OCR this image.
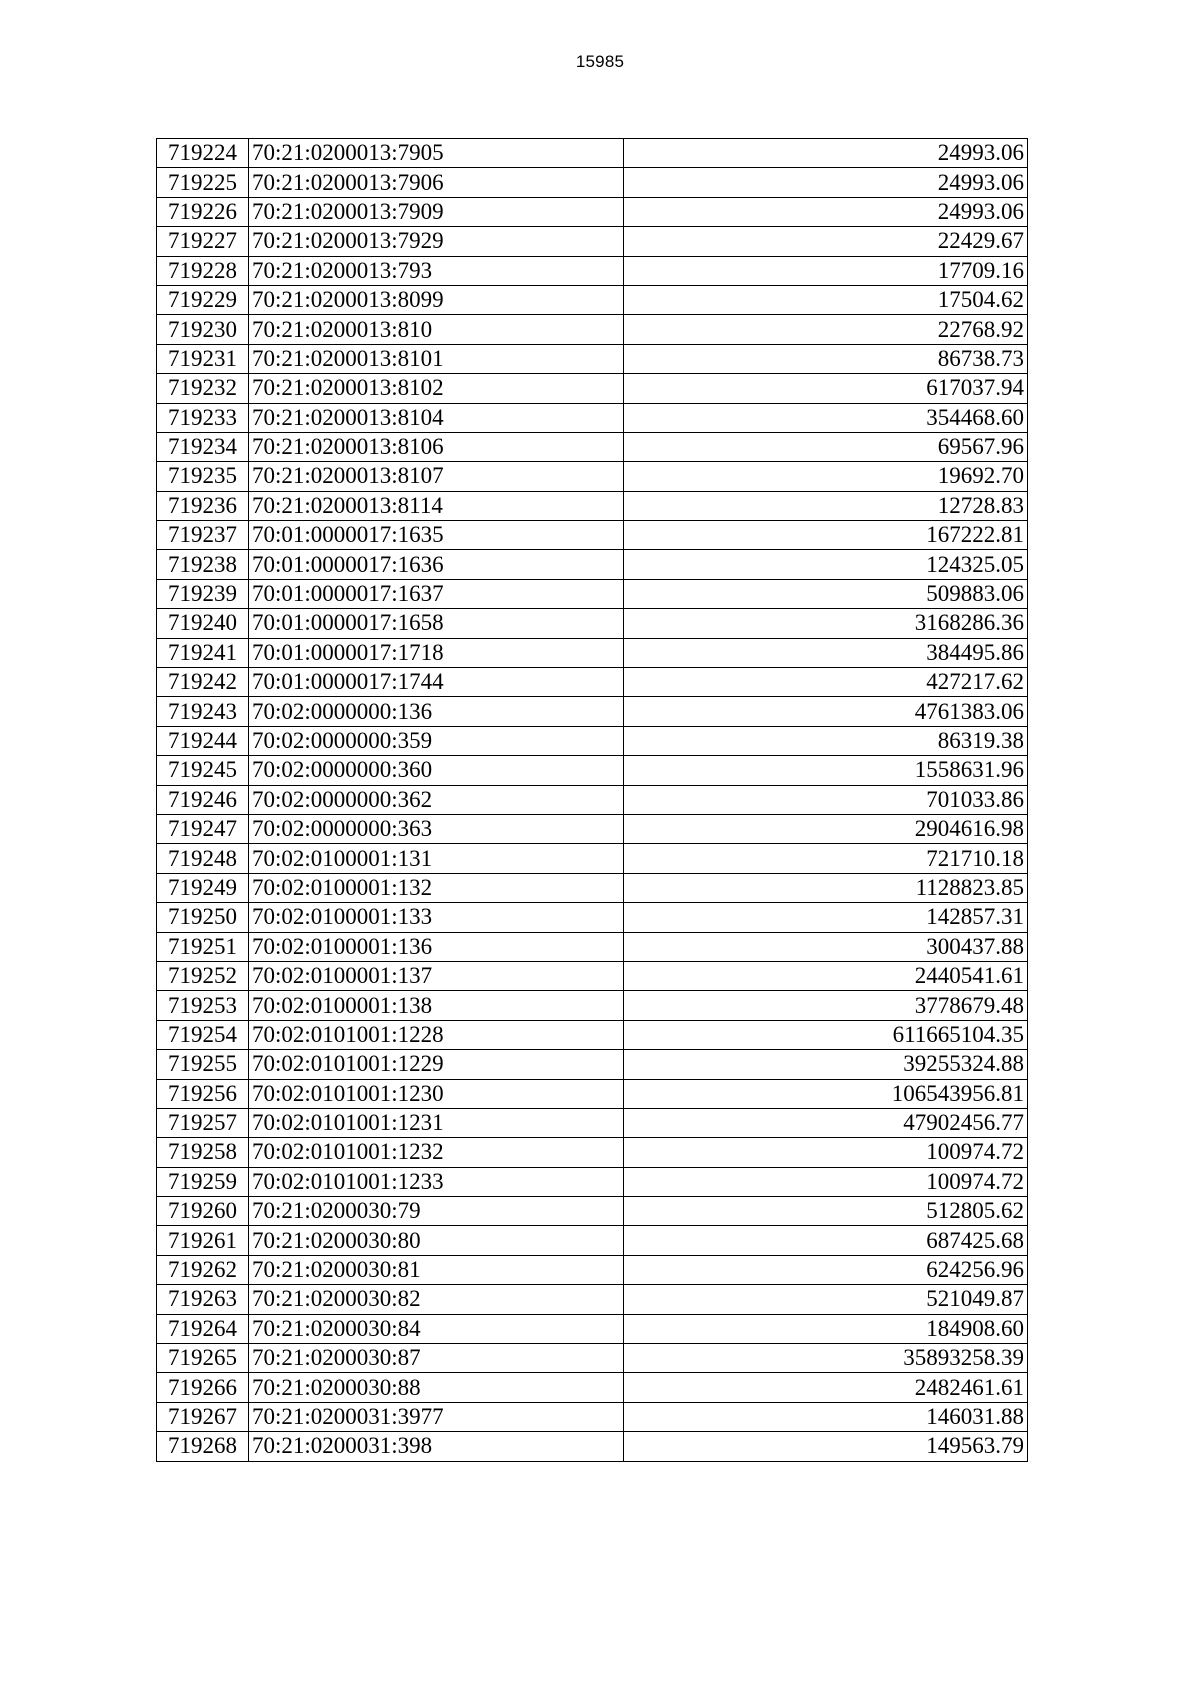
15985
719224	70:21:0200013:7905	24993.06
719225	70:21:0200013:7906	24993.06
719226	70:21:0200013:7909	24993.06
719227	70:21:0200013:7929	22429.67
719228	70:21:0200013:793	17709.16
719229	70:21:0200013:8099	17504.62
719230	70:21:0200013:810	22768.92
719231	70:21:0200013:8101	86738.73
719232	70:21:0200013:8102	617037.94
719233	70:21:0200013:8104	354468.60
719234	70:21:0200013:8106	69567.96
719235	70:21:0200013:8107	19692.70
719236	70:21:0200013:8114	12728.83
719237	70:01:0000017:1635	167222.81
719238	70:01:0000017:1636	124325.05
719239	70:01:0000017:1637	509883.06
719240	70:01:0000017:1658	3168286.36
719241	70:01:0000017:1718	384495.86
719242	70:01:0000017:1744	427217.62
719243	70:02:0000000:136	4761383.06
719244	70:02:0000000:359	86319.38
719245	70:02:0000000:360	1558631.96
719246	70:02:0000000:362	701033.86
719247	70:02:0000000:363	2904616.98
719248	70:02:0100001:131	721710.18
719249	70:02:0100001:132	1128823.85
719250	70:02:0100001:133	142857.31
719251	70:02:0100001:136	300437.88
719252	70:02:0100001:137	2440541.61
719253	70:02:0100001:138	3778679.48
719254	70:02:0101001:1228	611665104.35
719255	70:02:0101001:1229	39255324.88
719256	70:02:0101001:1230	106543956.81
719257	70:02:0101001:1231	47902456.77
719258	70:02:0101001:1232	100974.72
719259	70:02:0101001:1233	100974.72
719260	70:21:0200030:79	512805.62
719261	70:21:0200030:80	687425.68
719262	70:21:0200030:81	624256.96
719263	70:21:0200030:82	521049.87
719264	70:21:0200030:84	184908.60
719265	70:21:0200030:87	35893258.39
719266	70:21:0200030:88	2482461.61
719267	70:21:0200031:3977	146031.88
719268	70:21:0200031:398	149563.79
